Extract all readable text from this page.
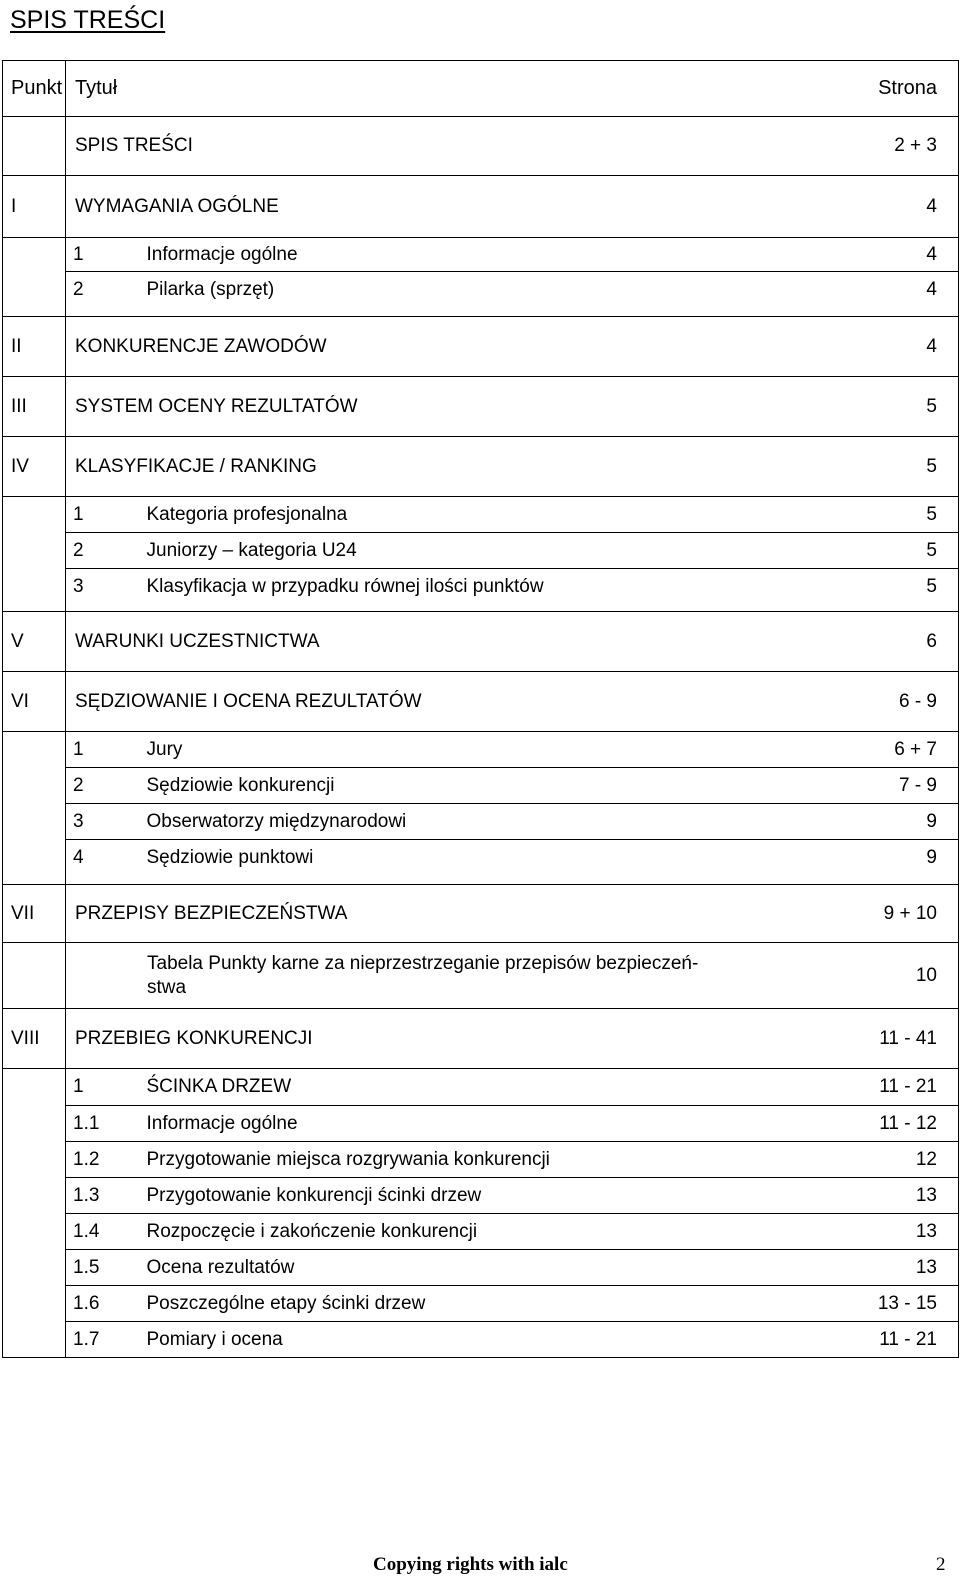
SPIS TREŚCI
Punkt	Tytuł		Strona
	SPIS TREŚCI		2 + 3
I	WYMAGANIA OGÓLNE		4
	1	Informacje ogólne	4
	2	Pilarka (sprzęt)	4

II	KONKURENCJE ZAWODÓW		4
III	SYSTEM OCENY REZULTATÓW		5
IV	KLASYFIKACJE / RANKING		5
	1	Kategoria profesjonalna	5
	2	Juniorzy – kategoria U24	5
	3	Klasyfikacja w przypadku równej ilości punktów	5

V	WARUNKI UCZESTNICTWA		6
VI	SĘDZIOWANIE I OCENA REZULTATÓW		6 - 9
	1	Jury	6 + 7
	2	Sędziowie konkurencji	7 - 9
	3	Obserwatorzy międzynarodowi	9
	4	Sędziowie punktowi	9

VII	PRZEPISY BEZPIECZEŃSTWA		9 + 10

	Tabela Punkty karne za nieprzestrzeganie przepisów bezpieczeń-
stwa		10
VIII	PRZEBIEG KONKURENCJI		11 - 41
	1	ŚCINKA DRZEW	11 - 21
	1.1	Informacje ogólne	11 - 12
	1.2	Przygotowanie miejsca rozgrywania konkurencji	12
	1.3	Przygotowanie konkurencji ścinki drzew	13
	1.4	Rozpoczęcie i zakończenie konkurencji	13
	1.5	Ocena rezultatów	13
	1.6	Poszczególne etapy ścinki drzew	13 - 15
	1.7	Pomiary i ocena	11 - 21
Copying rights with ialc	2
